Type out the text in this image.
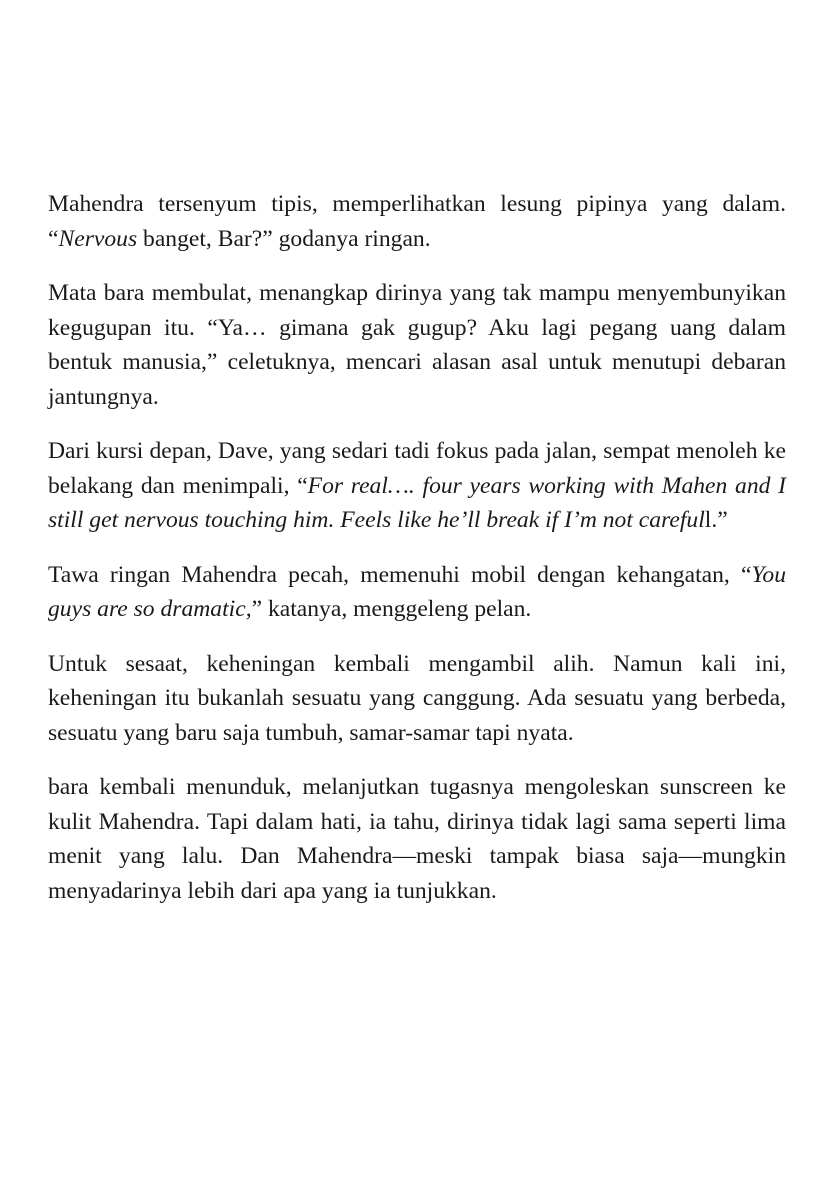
Mahendra tersenyum tipis, memperlihatkan lesung pipinya yang dalam. “Nervous banget, Bar?” godanya ringan.

Mata bara membulat, menangkap dirinya yang tak mampu menyembunyikan kegugupan itu. “Ya… gimana gak gugup? Aku lagi pegang uang dalam bentuk manusia,” celetuknya, mencari alasan asal untuk menutupi debaran jantungnya.

Dari kursi depan, Dave, yang sedari tadi fokus pada jalan, sempat menoleh ke belakang dan menimpali, “For real…. four years working with Mahen and I still get nervous touching him. Feels like he’ll break if I’m not carefull.”

Tawa ringan Mahendra pecah, memenuhi mobil dengan kehangatan, “You guys are so dramatic,” katanya, menggeleng pelan.

Untuk sesaat, keheningan kembali mengambil alih. Namun kali ini, keheningan itu bukanlah sesuatu yang canggung. Ada sesuatu yang berbeda, sesuatu yang baru saja tumbuh, samar-samar tapi nyata.

bara kembali menunduk, melanjutkan tugasnya mengoleskan sunscreen ke kulit Mahendra. Tapi dalam hati, ia tahu, dirinya tidak lagi sama seperti lima menit yang lalu. Dan Mahendra—meski tampak biasa saja—mungkin menyadarinya lebih dari apa yang ia tunjukkan.
